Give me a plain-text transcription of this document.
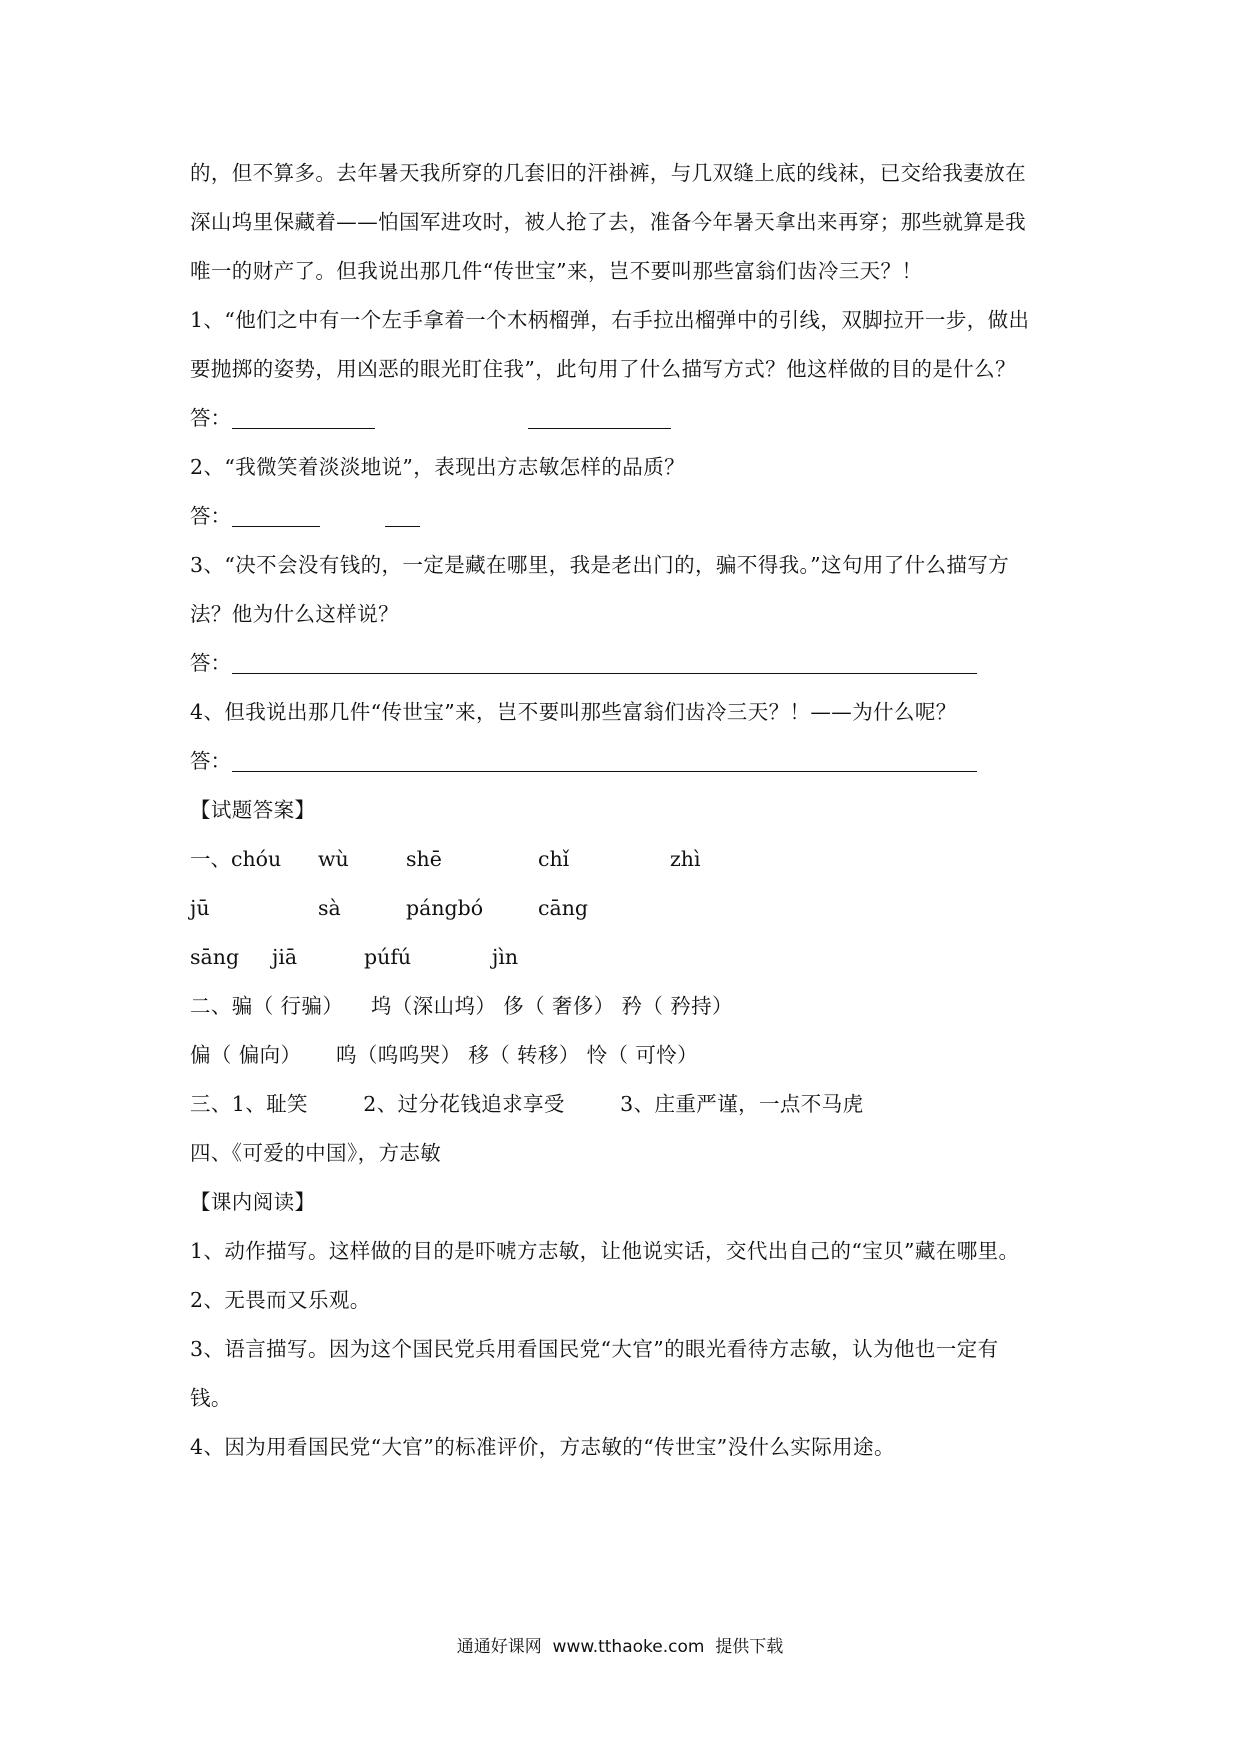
的，但不算多。去年暑天我所穿的几套旧的汗褂裤，与几双缝上底的线袜，已交给我妻放在
深山坞里保藏着——怕国军进攻时，被人抢了去，准备今年暑天拿出来再穿；那些就算是我
唯一的财产了。但我说出那几件“传世宝”来，岂不要叫那些富翁们齿冷三天？！
1、“他们之中有一个左手拿着一个木柄榴弹，右手拉出榴弹中的引线，双脚拉开一步，做出
要抛掷的姿势，用凶恶的眼光盯住我”，此句用了什么描写方式？他这样做的目的是什么？
答：
2、“我微笑着淡淡地说”，表现出方志敏怎样的品质？
答：
3、“决不会没有钱的，一定是藏在哪里，我是老出门的，骗不得我。”这句用了什么描写方
法？他为什么这样说？
答：
4、但我说出那几件“传世宝”来，岂不要叫那些富翁们齿冷三天？！——为什么呢？
答：
【试题答案】
一、chóu wù	shē	chǐ	zhì
jū	sà	pángbó	cāng
sāng jiā	púfú	jìn
二、骗（ 行骗）    坞（深山坞） 侈（ 奢侈） 矜（ 矜持）
偏（ 偏向）     呜（呜呜哭） 移（ 转移） 怜（ 可怜）
三、1、耻笑        2、过分花钱追求享受        3、庄重严谨，一点不马虎
四、《可爱的中国》，方志敏
【课内阅读】
1、动作描写。这样做的目的是吓唬方志敏，让他说实话，交代出自己的“宝贝”藏在哪里。
2、无畏而又乐观。
3、语言描写。因为这个国民党兵用看国民党“大官”的眼光看待方志敏，认为他也一定有
钱。
4、因为用看国民党“大官”的标准评价，方志敏的“传世宝”没什么实际用途。
通通好课网  www.tthaoke.com  提供下载
